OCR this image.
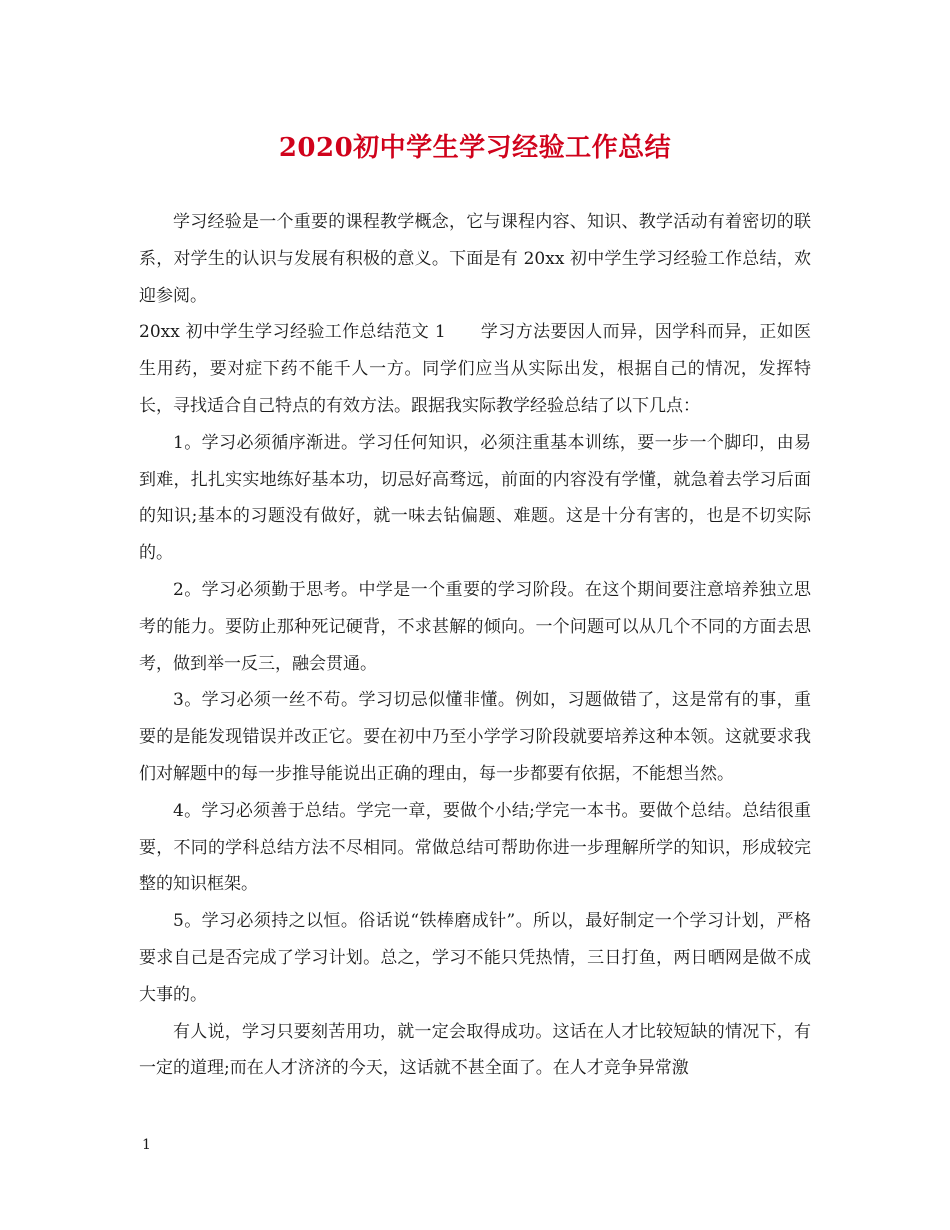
2020初中学生学习经验工作总结

学习经验是一个重要的课程教学概念，它与课程内容、知识、教学活动有着密切的联系，对学生的认识与发展有积极的意义。下面是有 20xx 初中学生学习经验工作总结，欢迎参阅。

20xx 初中学生学习经验工作总结范文 1　　学习方法要因人而异，因学科而异，正如医生用药，要对症下药不能千人一方。同学们应当从实际出发，根据自己的情况，发挥特长，寻找适合自己特点的有效方法。跟据我实际教学经验总结了以下几点：

1。学习必须循序渐进。学习任何知识，必须注重基本训练，要一步一个脚印，由易到难，扎扎实实地练好基本功，切忌好高骛远，前面的内容没有学懂，就急着去学习后面的知识;基本的习题没有做好，就一味去钻偏题、难题。这是十分有害的，也是不切实际的。

2。学习必须勤于思考。中学是一个重要的学习阶段。在这个期间要注意培养独立思考的能力。要防止那种死记硬背，不求甚解的倾向。一个问题可以从几个不同的方面去思考，做到举一反三，融会贯通。

3。学习必须一丝不苟。学习切忌似懂非懂。例如，习题做错了，这是常有的事，重要的是能发现错误并改正它。要在初中乃至小学学习阶段就要培养这种本领。这就要求我们对解题中的每一步推导能说出正确的理由，每一步都要有依据，不能想当然。

4。学习必须善于总结。学完一章，要做个小结;学完一本书。要做个总结。总结很重要，不同的学科总结方法不尽相同。常做总结可帮助你进一步理解所学的知识，形成较完整的知识框架。

5。学习必须持之以恒。俗话说“铁棒磨成针”。所以，最好制定一个学习计划，严格要求自己是否完成了学习计划。总之，学习不能只凭热情，三日打鱼，两日晒网是做不成大事的。

有人说，学习只要刻苦用功，就一定会取得成功。这话在人才比较短缺的情况下，有一定的道理;而在人才济济的今天，这话就不甚全面了。在人才竞争异常激

1
